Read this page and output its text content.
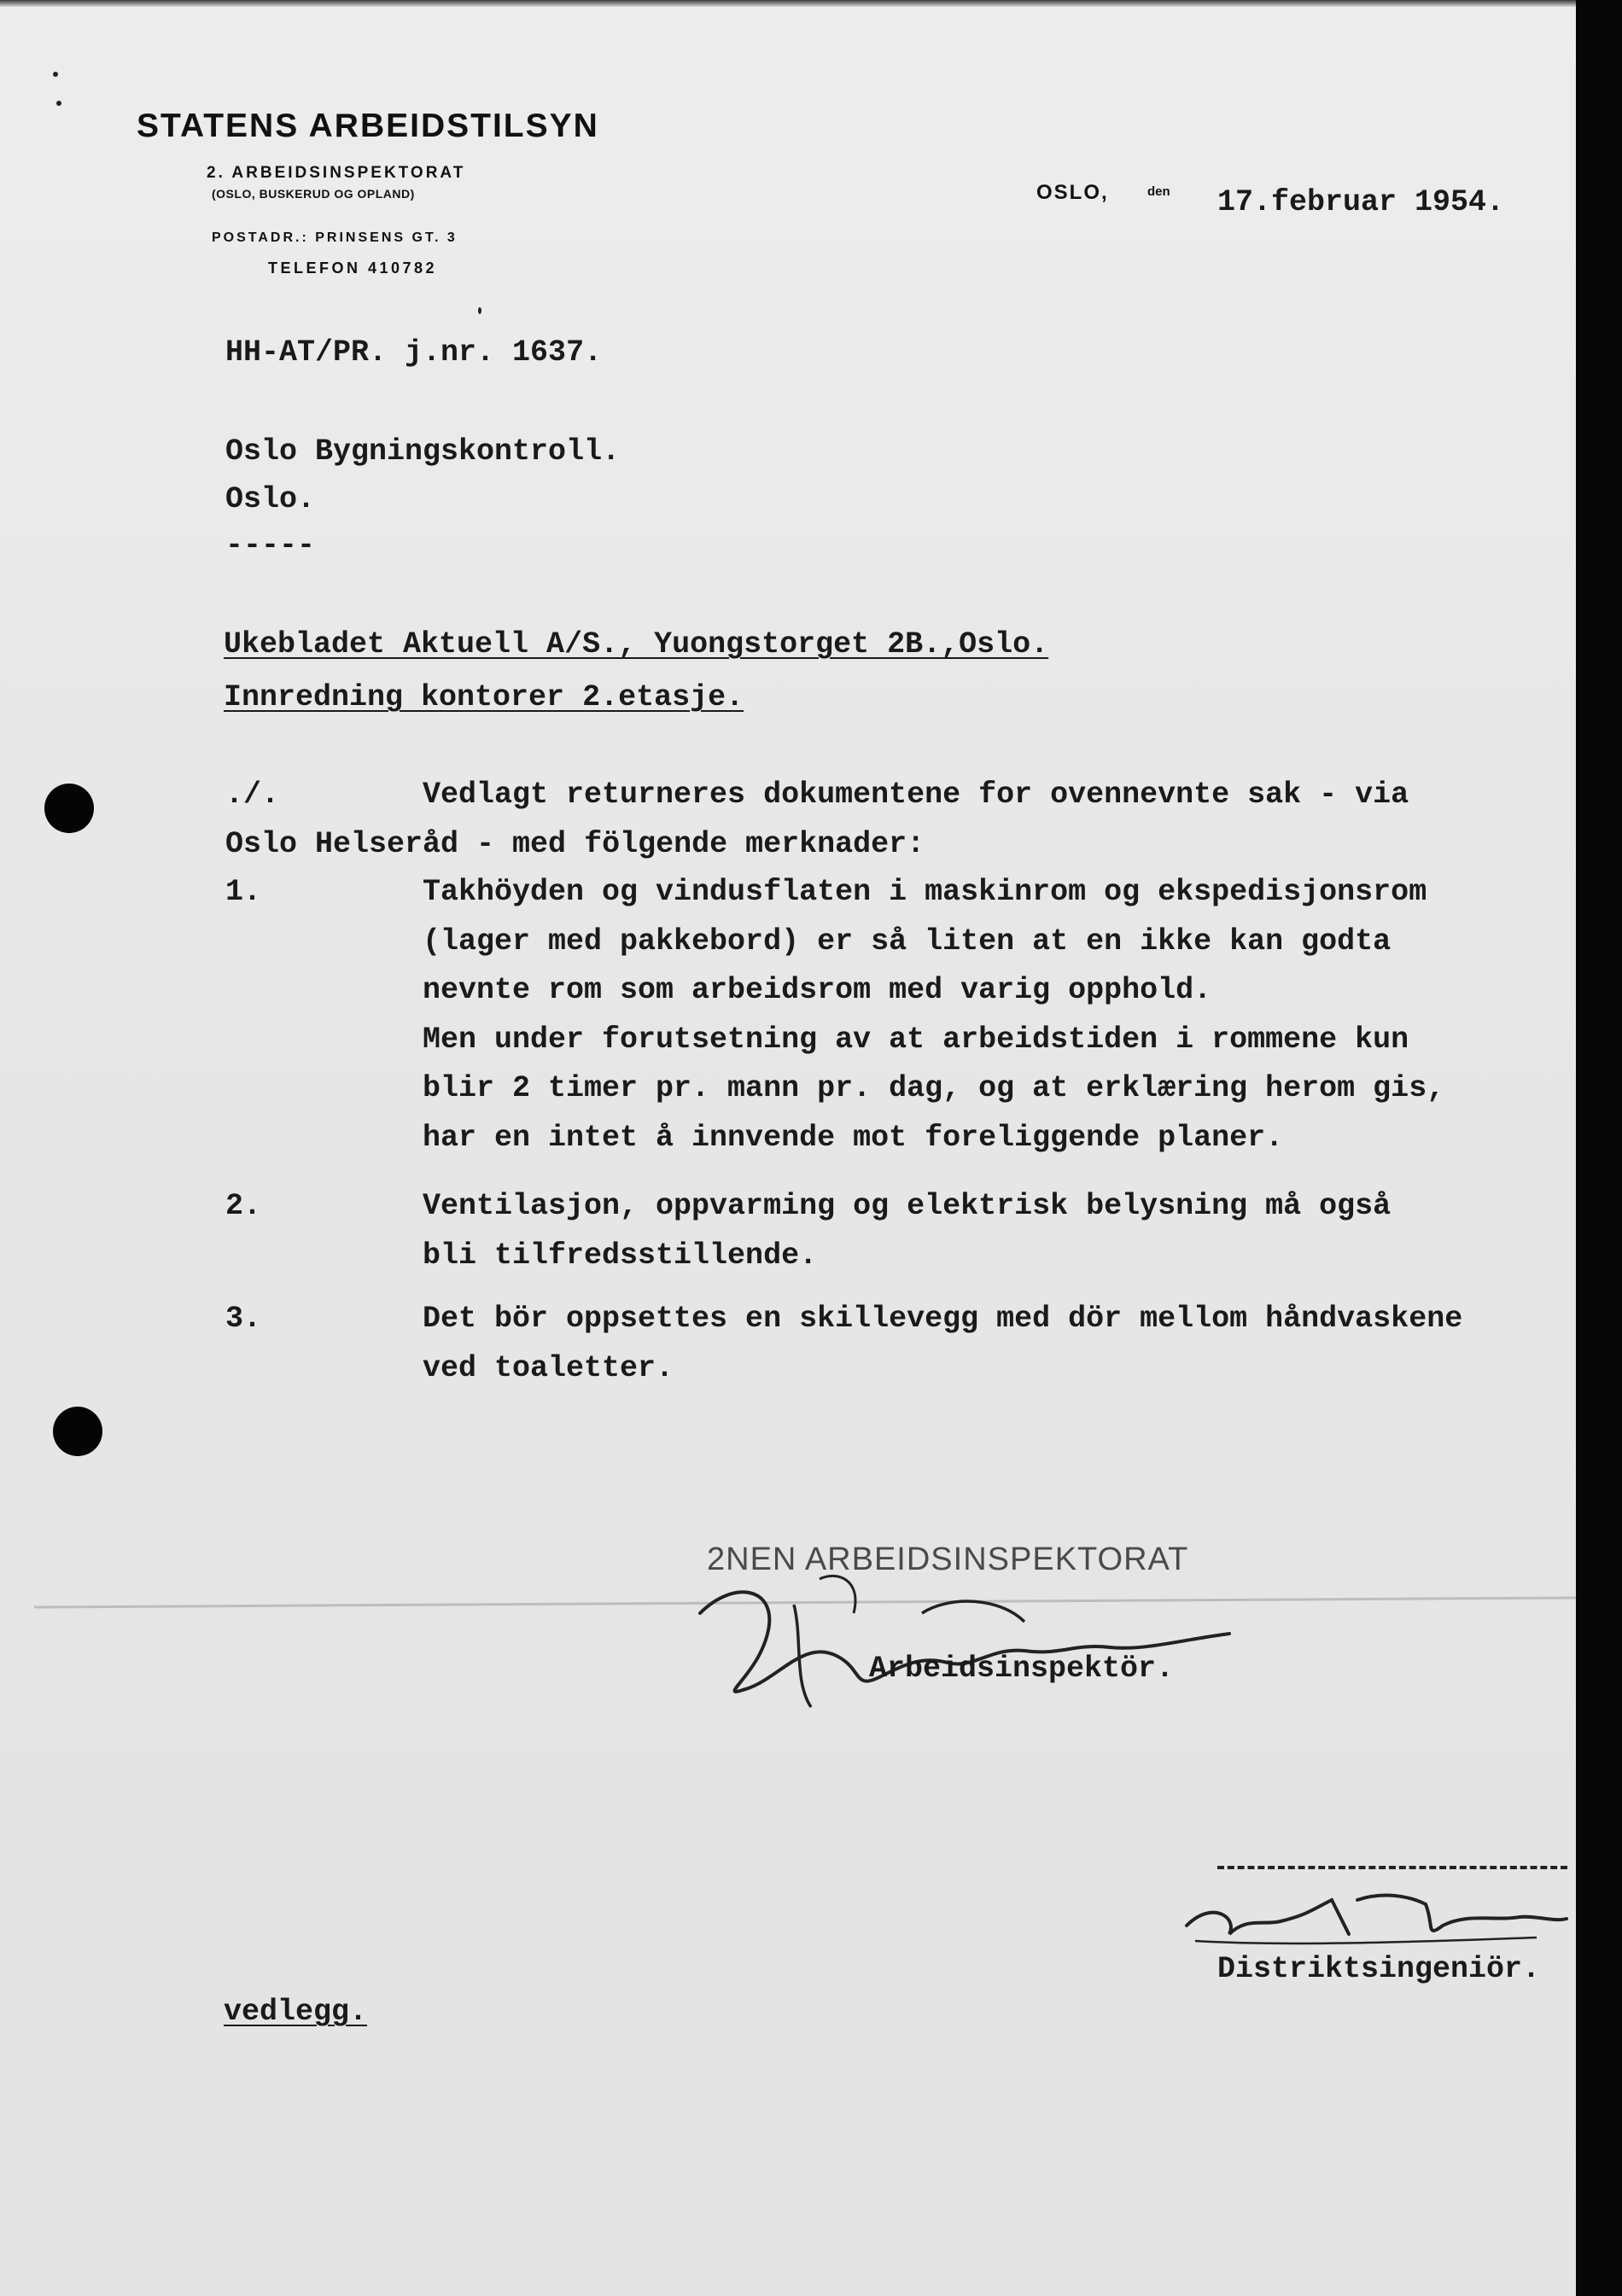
STATENS ARBEIDSTILSYN
2. ARBEIDSINSPEKTORAT
(OSLO, BUSKERUD OG OPLAND)
POSTADR.: PRINSENS GT. 3
TELEFON 410782
OSLO,	den 17.februar 1954.
HH-AT/PR. j.nr. 1637.
Oslo Bygningskontroll.
Oslo.
-----
Ukebladet Aktuell A/S., Yuongstorget 2B.,Oslo.
Innredning kontorer 2.etasje.
./.	Vedlagt returneres dokumentene for ovennevnte sak - via
Oslo Helseråd - med fölgende merknader:
1.	Takhöyden og vindusflaten i maskinrom og ekspedisjonsrom
(lager med pakkebord) er så liten at en ikke kan godta
nevnte rom som arbeidsrom med varig opphold.
Men under forutsetning av at arbeidstiden i rommene kun
blir 2 timer pr. mann pr. dag, og at erklæring herom gis,
har en intet å innvende mot foreliggende planer.
2.	Ventilasjon, oppvarming og elektrisk belysning må også
bli tilfredsstillende.
3.	Det bör oppsettes en skillevegg med dör mellom håndvaskene
ved toaletter.
2NEN ARBEIDSINSPEKTORAT
Arbeidsinspektör.
Distriktsingeniör.
vedlegg.
